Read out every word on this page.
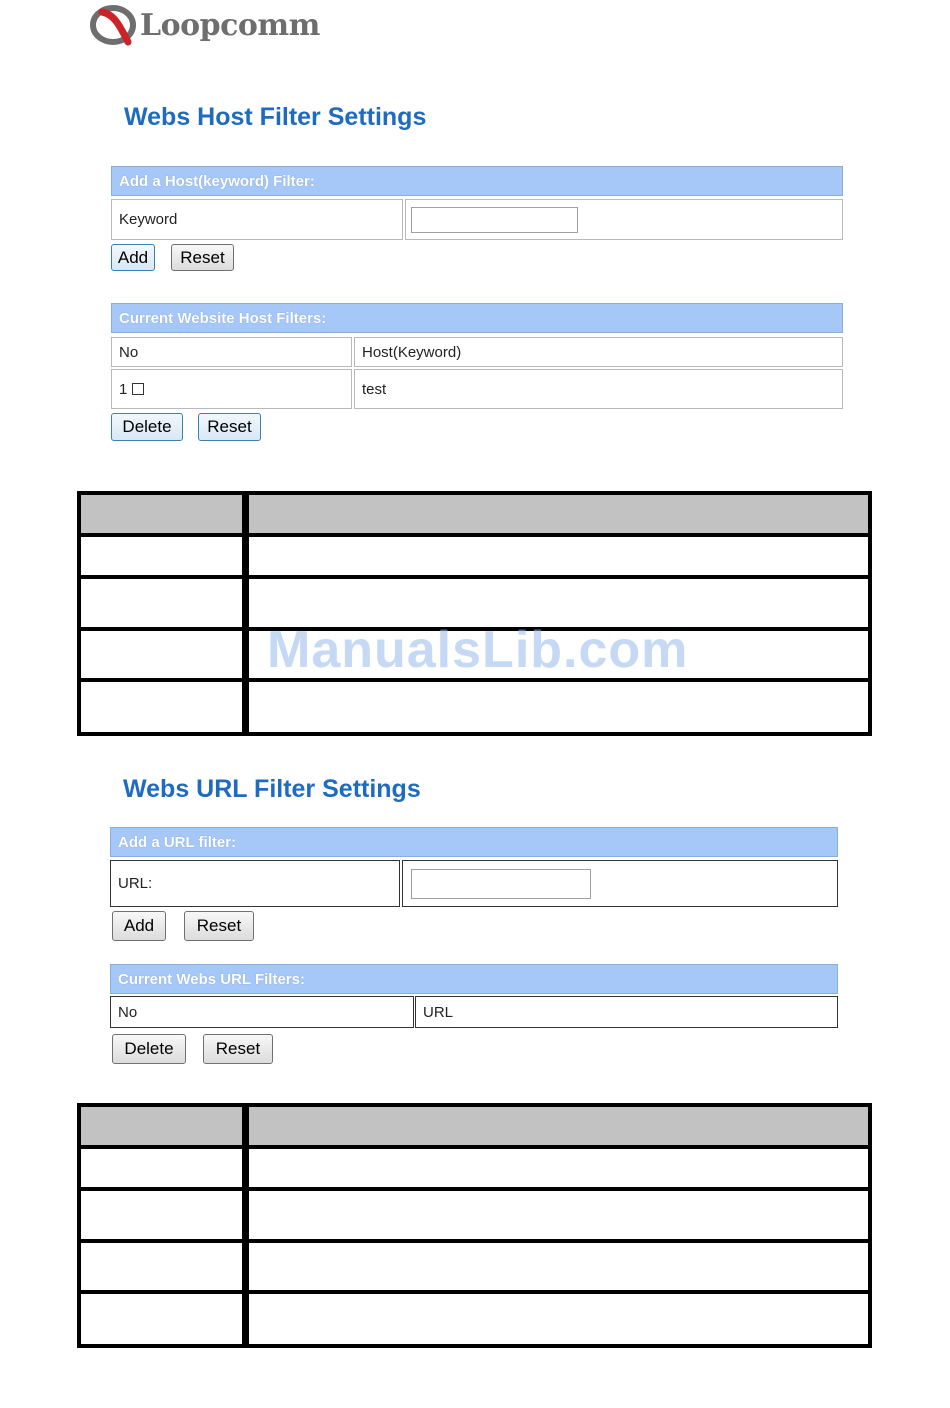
Loopcomm
Webs Host Filter Settings
Add a Host(keyword) Filter:
Keyword
Add	Reset
Current Website Host Filters:
No	Host(Keyword)
1	test
Delete	Reset
ManualsLib.com
Webs URL Filter Settings
Add a URL filter:
URL:
Add	Reset
Current Webs URL Filters:
No	URL
Delete	Reset
